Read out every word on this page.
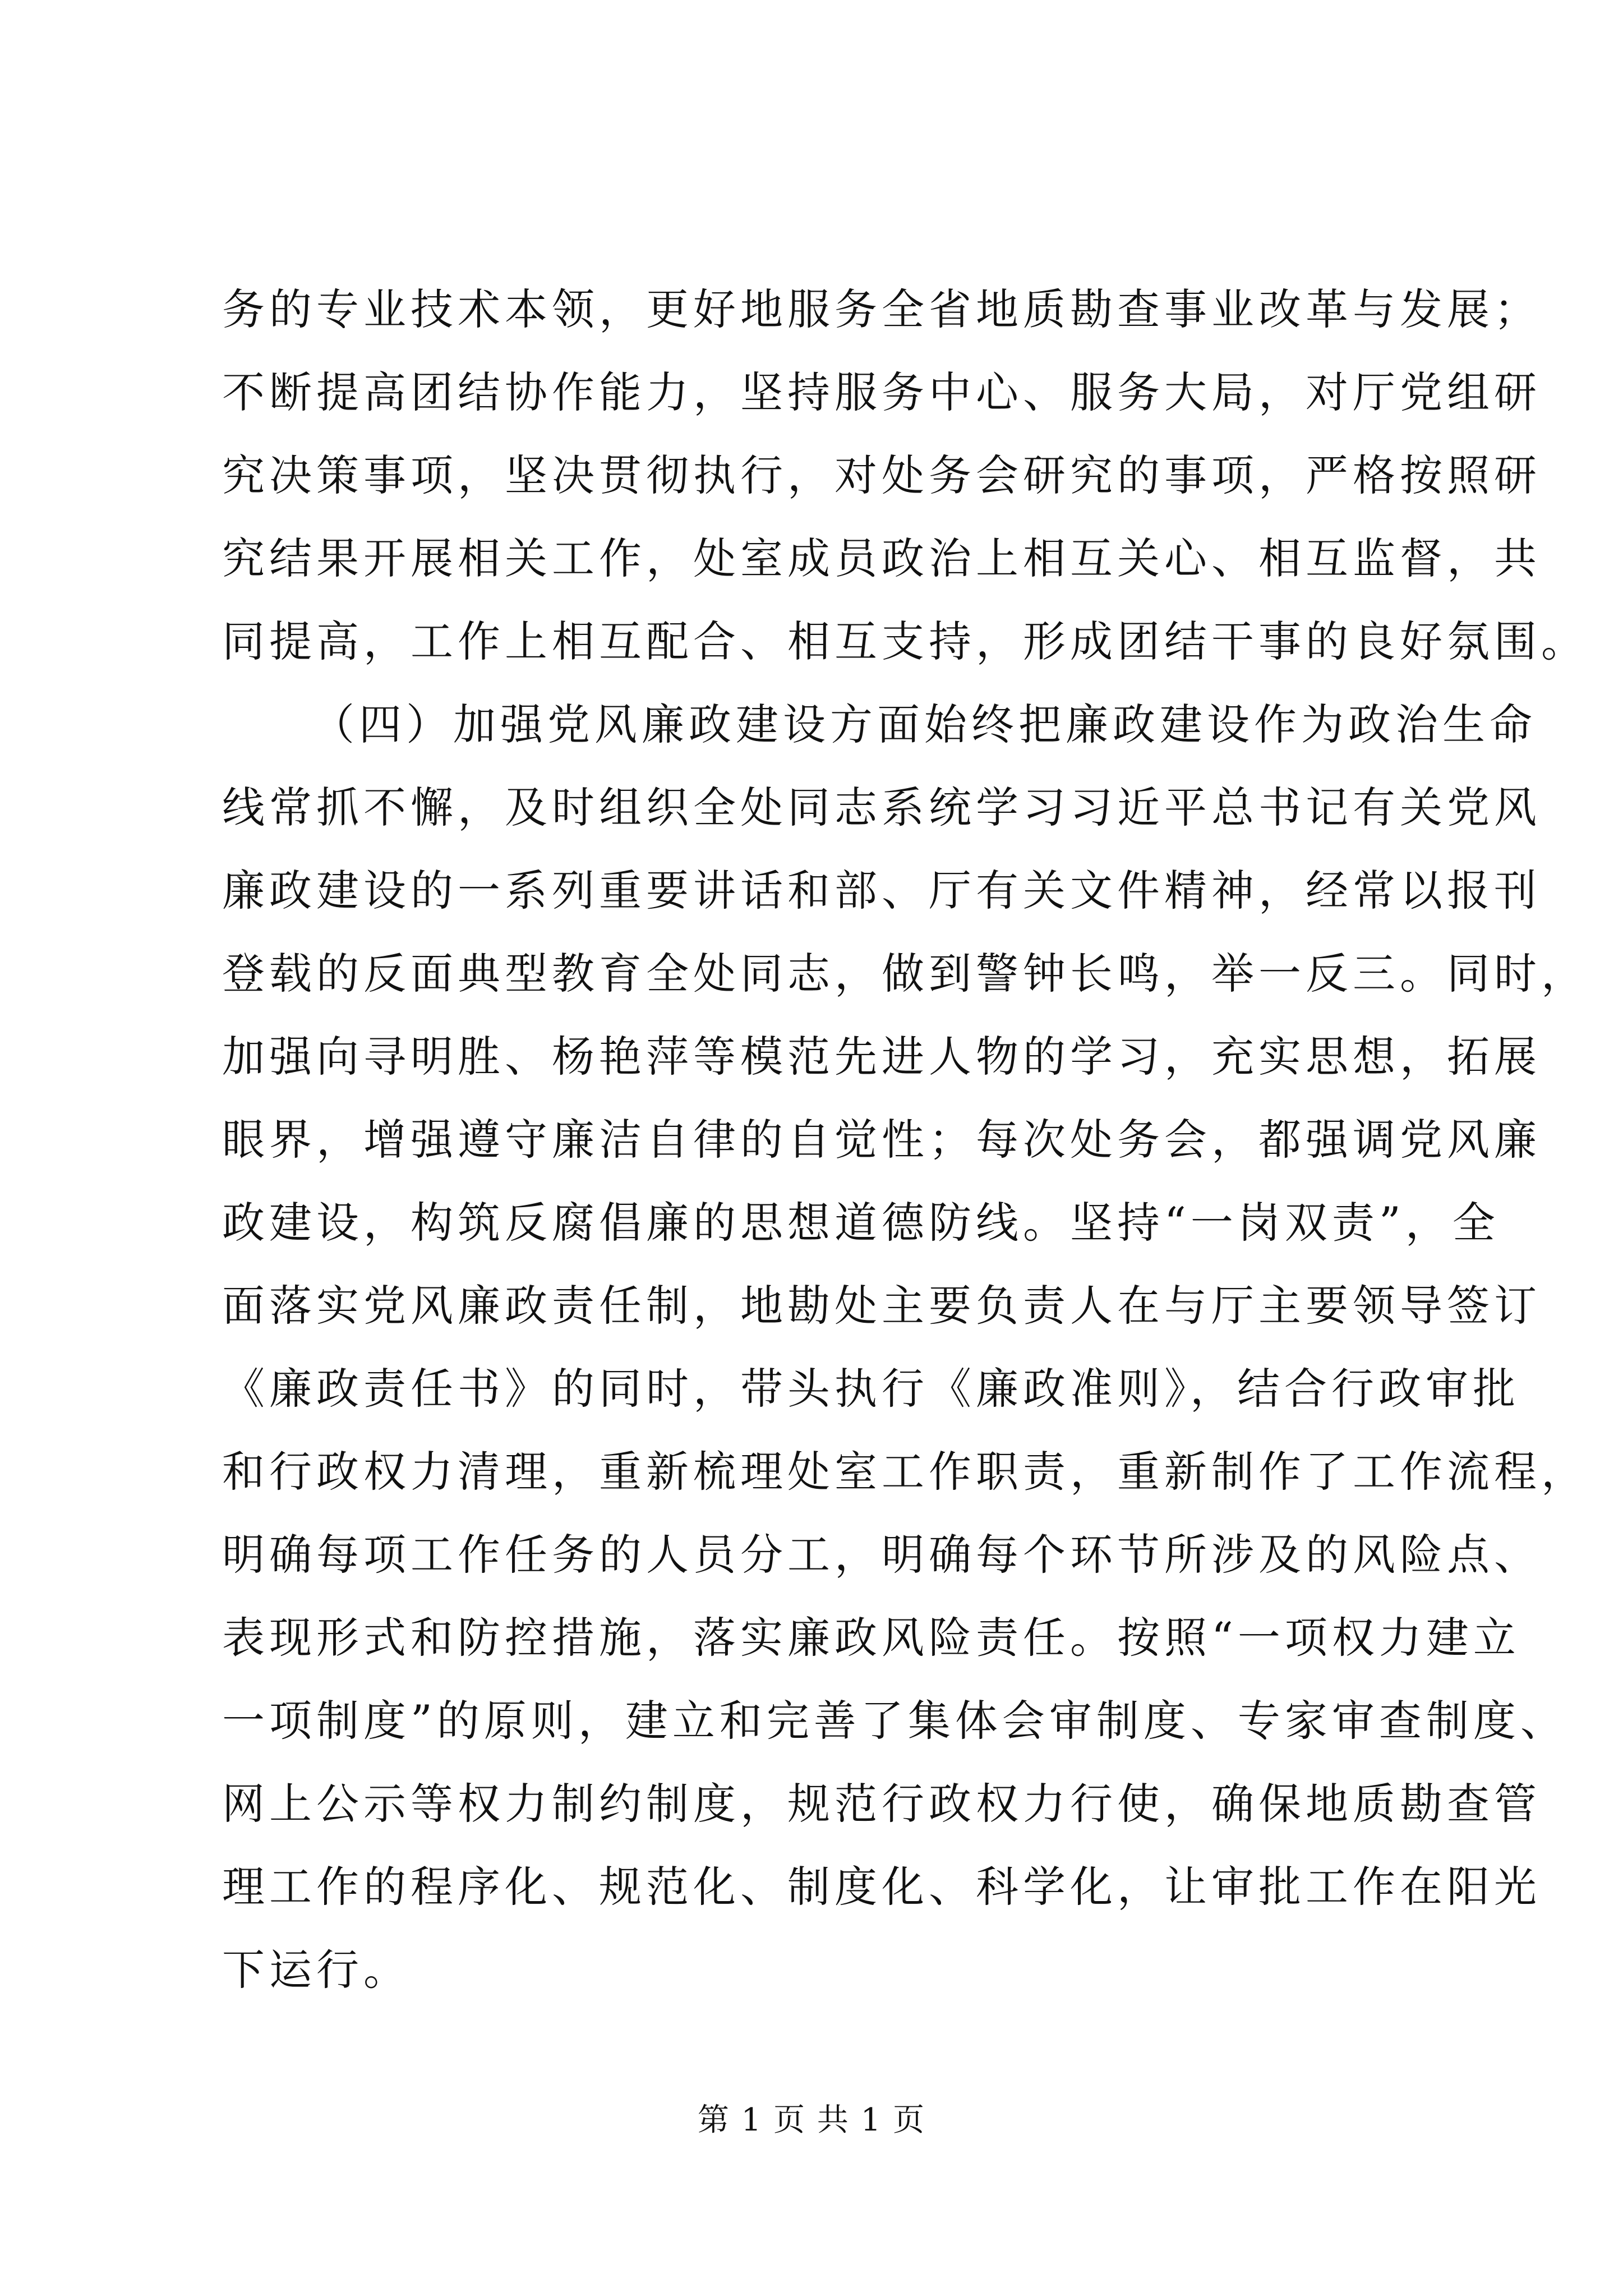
务的专业技术本领，更好地服务全省地质勘查事业改革与发展；
不断提高团结协作能力，坚持服务中心、服务大局，对厅党组研
究决策事项，坚决贯彻执行，对处务会研究的事项，严格按照研
究结果开展相关工作，处室成员政治上相互关心、相互监督，共
同提高，工作上相互配合、相互支持，形成团结干事的良好氛围。
（四）加强党风廉政建设方面始终把廉政建设作为政治生命
线常抓不懈，及时组织全处同志系统学习习近平总书记有关党风
廉政建设的一系列重要讲话和部、厅有关文件精神，经常以报刊
登载的反面典型教育全处同志，做到警钟长鸣，举一反三。同时，
加强向寻明胜、杨艳萍等模范先进人物的学习，充实思想，拓展
眼界，增强遵守廉洁自律的自觉性；每次处务会，都强调党风廉
政建设，构筑反腐倡廉的思想道德防线。坚持“一岗双责”，全
面落实党风廉政责任制，地勘处主要负责人在与厅主要领导签订
《廉政责任书》的同时，带头执行《廉政准则》，结合行政审批
和行政权力清理，重新梳理处室工作职责，重新制作了工作流程，
明确每项工作任务的人员分工，明确每个环节所涉及的风险点、
表现形式和防控措施，落实廉政风险责任。按照“一项权力建立
一项制度”的原则，建立和完善了集体会审制度、专家审查制度、
网上公示等权力制约制度，规范行政权力行使，确保地质勘查管
理工作的程序化、规范化、制度化、科学化，让审批工作在阳光
下运行。
第 1 页 共 1 页
